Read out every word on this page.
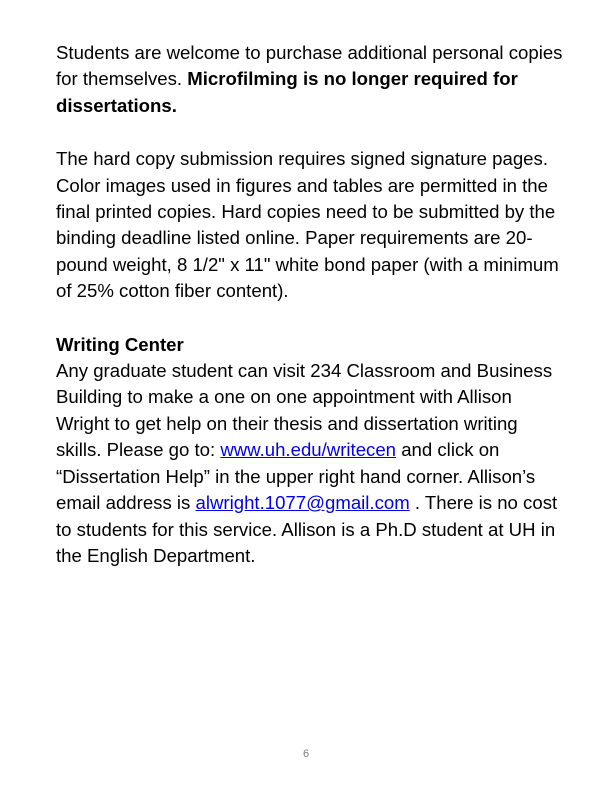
Students are welcome to purchase additional personal copies for themselves. Microfilming is no longer required for dissertations.

The hard copy submission requires signed signature pages. Color images used in figures and tables are permitted in the final printed copies. Hard copies need to be submitted by the binding deadline listed online. Paper requirements are 20-pound weight, 8 1/2" x 11" white bond paper (with a minimum of 25% cotton fiber content).

Writing Center

Any graduate student can visit 234 Classroom and Business Building to make a one on one appointment with Allison Wright to get help on their thesis and dissertation writing skills. Please go to: www.uh.edu/writecen and click on “Dissertation Help” in the upper right hand corner. Allison’s email address is alwright.1077@gmail.com . There is no cost to students for this service. Allison is a Ph.D student at UH in the English Department.

6
